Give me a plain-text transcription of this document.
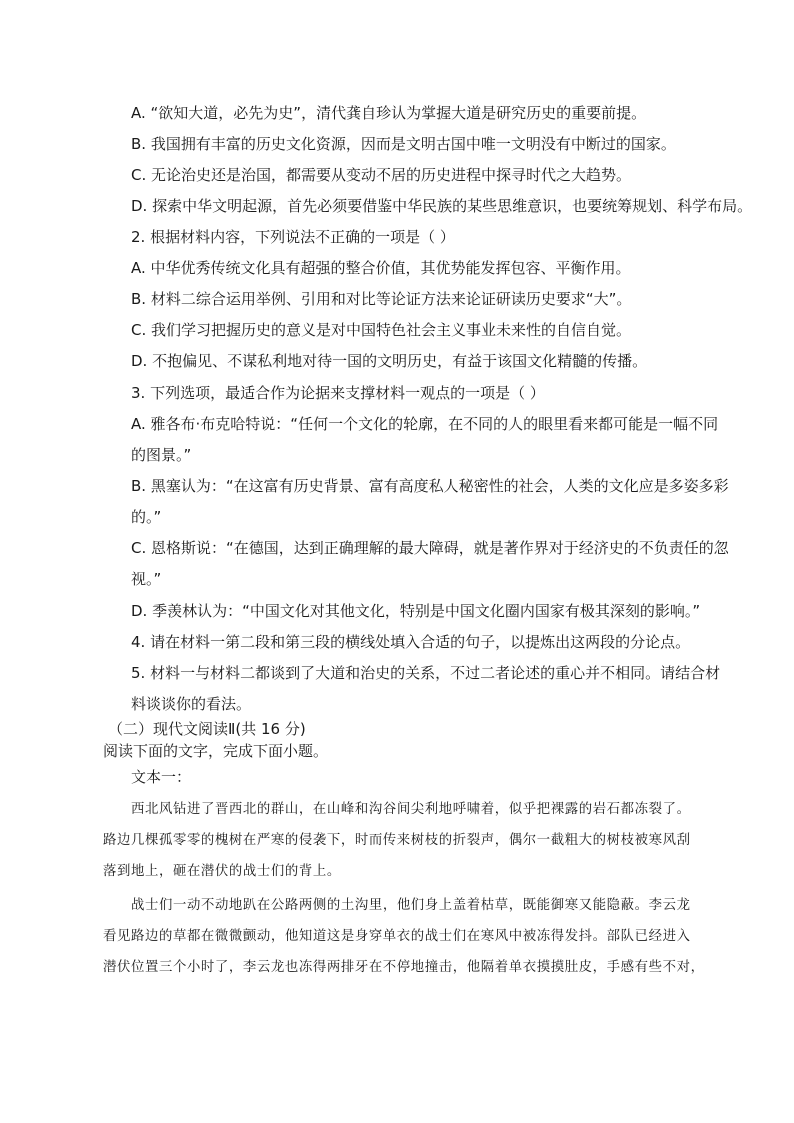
A. “欲知大道，必先为史”，清代龚自珍认为掌握大道是研究历史的重要前提。
B. 我国拥有丰富的历史文化资源，因而是文明古国中唯一文明没有中断过的国家。
C. 无论治史还是治国，都需要从变动不居的历史进程中探寻时代之大趋势。
D. 探索中华文明起源，首先必须要借鉴中华民族的某些思维意识，也要统筹规划、科学布局。
2. 根据材料内容，下列说法不正确的一项是（ ）
A. 中华优秀传统文化具有超强的整合价值，其优势能发挥包容、平衡作用。
B. 材料二综合运用举例、引用和对比等论证方法来论证研读历史要求“大”。
C. 我们学习把握历史的意义是对中国特色社会主义事业未来性的自信自觉。
D. 不抱偏见、不谋私利地对待一国的文明历史，有益于该国文化精髓的传播。
3. 下列选项，最适合作为论据来支撑材料一观点的一项是（ ）
A. 雅各布·布克哈特说：“任何一个文化的轮廓，在不同的人的眼里看来都可能是一幅不同
的图景。”
B. 黑塞认为：“在这富有历史背景、富有高度私人秘密性的社会，人类的文化应是多姿多彩
的。”
C. 恩格斯说：“在德国，达到正确理解的最大障碍，就是著作界对于经济史的不负责任的忽
视。”
D. 季羡林认为：“中国文化对其他文化，特别是中国文化圈内国家有极其深刻的影响。”
4. 请在材料一第二段和第三段的横线处填入合适的句子，以提炼出这两段的分论点。
5. 材料一与材料二都谈到了大道和治史的关系，不过二者论述的重心并不相同。请结合材
料谈谈你的看法。
（二）现代文阅读Ⅱ(共 16 分)
阅读下面的文字，完成下面小题。
文本一：
西北风钻进了晋西北的群山，在山峰和沟谷间尖利地呼啸着，似乎把裸露的岩石都冻裂了。
路边几棵孤零零的槐树在严寒的侵袭下，时而传来树枝的折裂声，偶尔一截粗大的树枝被寒风刮
落到地上，砸在潜伏的战士们的背上。
战士们一动不动地趴在公路两侧的土沟里，他们身上盖着枯草，既能御寒又能隐蔽。李云龙
看见路边的草都在微微颤动，他知道这是身穿单衣的战士们在寒风中被冻得发抖。部队已经进入
潜伏位置三个小时了，李云龙也冻得两排牙在不停地撞击，他隔着单衣摸摸肚皮，手感有些不对，
